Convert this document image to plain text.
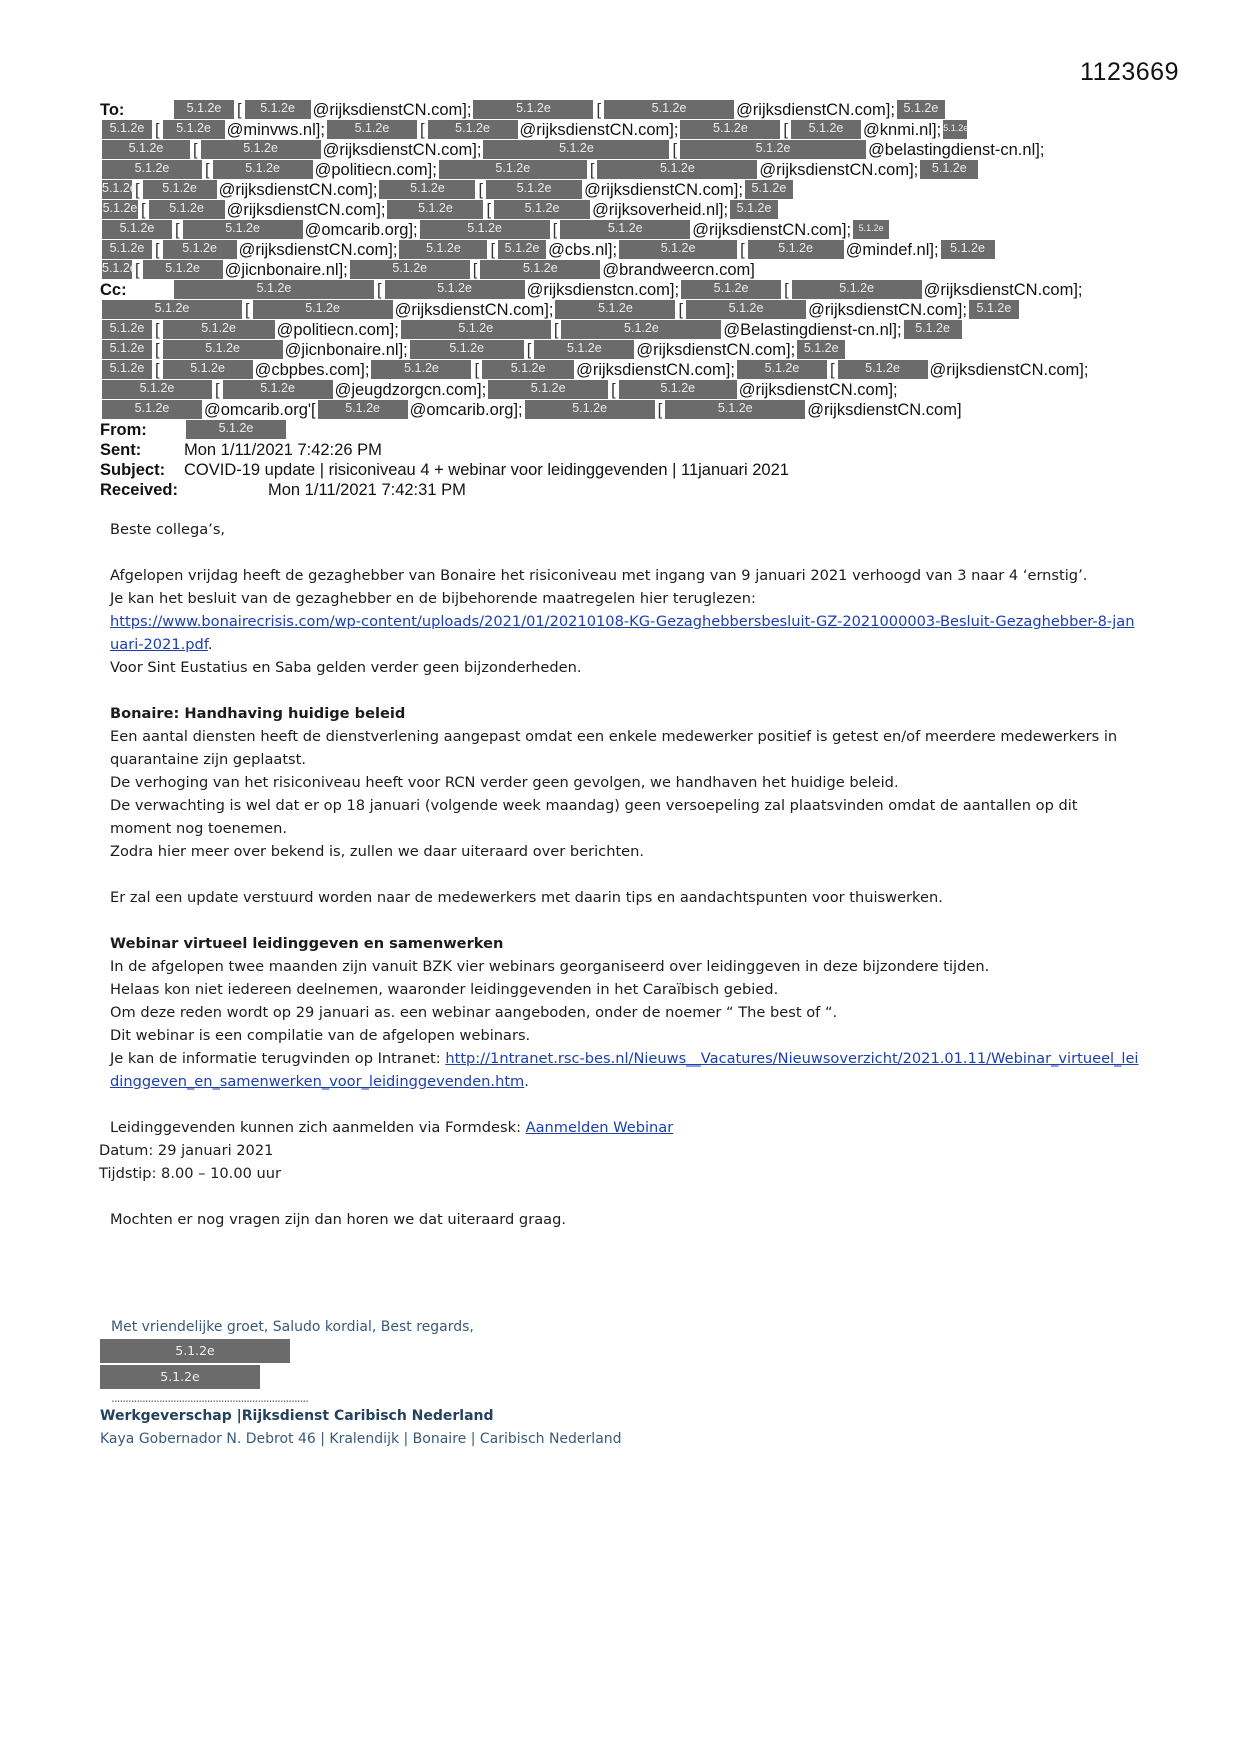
1123669
To:	5.1.2e [ 5.1.2e @rijksdienstCN.com];	5.1.2e	[	5.1.2e	@rijksdienstCN.com]; 5.1.2e
5.1.2e [ 5.1.2e @minvws.nl]; 5.1.2e [ 5.1.2e @rijksdienstCN.com];	5.1.2e [ 5.1.2e @knmi.nl]; 5.1.2e
5.1.2e [	5.1.2e	@rijksdienstCN.com];	5.1.2e	[	5.1.2e	@belastingdienst-cn.nl];
5.1.2e [	5.1.2e @politiecn.com];	5.1.2e	[	5.1.2e	@rijksdienstCN.com]; 5.1.2e
5.1.2e[ 5.1.2e @rijksdienstCN.com];	5.1.2e [	5.1.2e @rijksdienstCN.com]; 5.1.2e
5.1.2e [ 5.1.2e @rijksdienstCN.com];	5.1.2e [	5.1.2e @rijksoverheid.nl]; 5.1.2e
5.1.2e [	5.1.2e	@omcarib.org];	5.1.2e	[	5.1.2e	@rijksdienstCN.com]; 5.1.2e
5.1.2e [ 5.1.2e @rijksdienstCN.com]; 5.1.2e [ 5.1.2e @cbs.nl];	5.1.2e	[	5.1.2e @mindef.nl]; 5.1.2e
5.1.2e[ 5.1.2e @jicnbonaire.nl];	5.1.2e	[	5.1.2e	@brandweercn.com]
Cc:	5.1.2e	[	5.1.2e	@rijksdienstcn.com];	5.1.2e [	5.1.2e	@rijksdienstCN.com];
5.1.2e	[	5.1.2e	@rijksdienstCN.com];	5.1.2e	[	5.1.2e	@rijksdienstCN.com]; 5.1.2e
5.1.2e [	5.1.2e @politiecn.com];	5.1.2e	[	5.1.2e	@Belastingdienst-cn.nl]; 5.1.2e
5.1.2e [	5.1.2e	@jicnbonaire.nl];	5.1.2e	[	5.1.2e @rijksdienstCN.com]; 5.1.2e
5.1.2e [ 5.1.2e @cbpbes.com];	5.1.2e [	5.1.2e @rijksdienstCN.com]; 5.1.2e [ 5.1.2e @rijksdienstCN.com];
5.1.2e [	5.1.2e @jeugdzorgcn.com];	5.1.2e	[	5.1.2e	@rijksdienstCN.com];
5.1.2e @omcarib.org'[ 5.1.2e @omcarib.org];	5.1.2e	[	5.1.2e	@rijksdienstCN.com]
From:	5.1.2e
Sent:	Mon 1/11/2021 7:42:26 PM
Subject: COVID-19 update | risiconiveau 4 + webinar voor leidinggevenden | 11januari 2021
Received:	Mon 1/11/2021 7:42:31 PM

Beste collega’s,

Afgelopen vrijdag heeft de gezaghebber van Bonaire het risiconiveau met ingang van 9 januari 2021 verhoogd van 3 naar 4 ‘ernstig’.

Je kan het besluit van de gezaghebber en de bijbehorende maatregelen hier teruglezen:

https://www.bonairecrisis.com/wp-content/uploads/2021/01/20210108-KG-Gezaghebbersbesluit-GZ-2021000003-Besluit-Gezaghebber-8-januari-2021.pdf.

Voor Sint Eustatius en Saba gelden verder geen bijzonderheden.

Bonaire: Handhaving huidige beleid

Een aantal diensten heeft de dienstverlening aangepast omdat een enkele medewerker positief is getest en/of meerdere medewerkers in quarantaine zijn geplaatst.

De verhoging van het risiconiveau heeft voor RCN verder geen gevolgen, we handhaven het huidige beleid.

De verwachting is wel dat er op 18 januari (volgende week maandag) geen versoepeling zal plaatsvinden omdat de aantallen op dit moment nog toenemen.

Zodra hier meer over bekend is, zullen we daar uiteraard over berichten.

Er zal een update verstuurd worden naar de medewerkers met daarin tips en aandachtspunten voor thuiswerken.

Webinar virtueel leidinggeven en samenwerken

In de afgelopen twee maanden zijn vanuit BZK vier webinars georganiseerd over leidinggeven in deze bijzondere tijden.

Helaas kon niet iedereen deelnemen, waaronder leidinggevenden in het Caraïbisch gebied.

Om deze reden wordt op 29 januari as. een webinar aangeboden, onder de noemer “ The best of “.

Dit webinar is een compilatie van de afgelopen webinars.

Je kan de informatie terugvinden op Intranet: http://1ntranet.rsc-bes.nl/Nieuws__Vacatures/Nieuwsoverzicht/2021.01.11/Webinar_virtueel_leidinggeven_en_samenwerken_voor_leidinggevenden.htm.

Leidinggevenden kunnen zich aanmelden via Formdesk: Aanmelden Webinar

Datum: 29 januari 2021

Tijdstip: 8.00 – 10.00 uur

Mochten er nog vragen zijn dan horen we dat uiteraard graag.

Met vriendelijke groet, Saludo kordial, Best regards,
5.1.2e
5.1.2e
......................................................................
Werkgeverschap |Rijksdienst Caribisch Nederland
Kaya Gobernador N. Debrot 46 | Kralendijk | Bonaire | Caribisch Nederland
